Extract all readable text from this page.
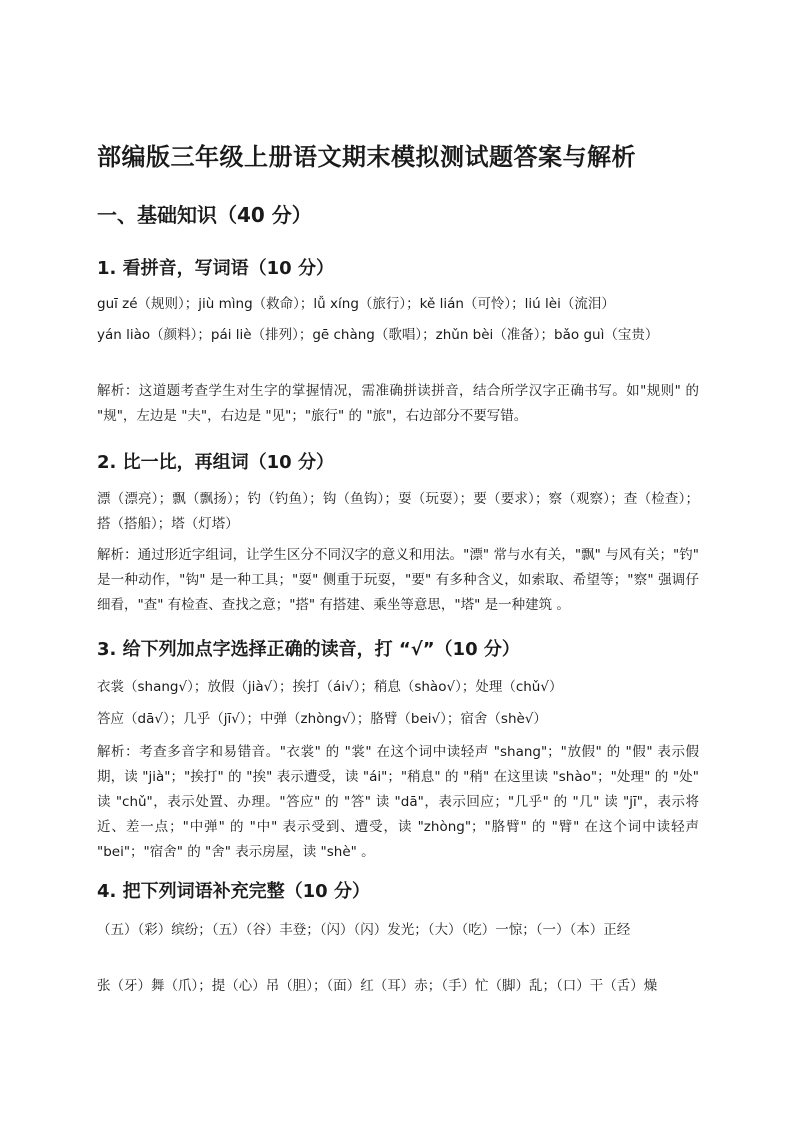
部编版三年级上册语文期末模拟测试题答案与解析
一、基础知识（40 分）
1. 看拼音，写词语（10 分）

guī zé（规则）；jiù mìng（救命）；lǚ xíng（旅行）；kě lián（可怜）；liú lèi（流泪）

yán liào（颜料）；pái liè（排列）；gē chàng（歌唱）；zhǔn bèi（准备）；bǎo guì（宝贵）

解析：这道题考查学生对生字的掌握情况，需准确拼读拼音，结合所学汉字正确书写。如"规则" 的 "规"，左边是 "夫"，右边是 "见"；"旅行" 的 "旅"，右边部分不要写错。

2. 比一比，再组词（10 分）

漂（漂亮）；飘（飘扬）；钓（钓鱼）；钩（鱼钩）；耍（玩耍）；要（要求）；察（观察）；查（检查）；搭（搭船）；塔（灯塔）

解析：通过形近字组词，让学生区分不同汉字的意义和用法。"漂" 常与水有关，"飘" 与风有关；"钓" 是一种动作，"钩" 是一种工具；"耍" 侧重于玩耍，"要" 有多种含义，如索取、希望等；"察" 强调仔细看，"查" 有检查、查找之意；"搭" 有搭建、乘坐等意思，"塔" 是一种建筑 。

3. 给下列加点字选择正确的读音，打 “√”（10 分）

衣裳（shang√）；放假（jià√）；挨打（ái√）；稍息（shào√）；处理（chǔ√）

答应（dā√）；几乎（jī√）；中弹（zhòng√）；胳臂（bei√）；宿舍（shè√）

解析：考查多音字和易错音。"衣裳" 的 "裳" 在这个词中读轻声 "shang"；"放假" 的 "假" 表示假期，读 "jià"；"挨打" 的 "挨" 表示遭受，读 "ái"；"稍息" 的 "稍" 在这里读 "shào"；"处理" 的 "处" 读 "chǔ"，表示处置、办理。"答应" 的 "答" 读 "dā"，表示回应；"几乎" 的 "几" 读 "jī"，表示将近、差一点；"中弹" 的 "中" 表示受到、遭受，读 "zhòng"；"胳臂" 的 "臂" 在这个词中读轻声 "bei"；"宿舍" 的 "舍" 表示房屋，读 "shè" 。

4. 把下列词语补充完整（10 分）

（五）（彩）缤纷；（五）（谷）丰登；（闪）（闪）发光；（大）（吃）一惊；（一）（本）正经

张（牙）舞（爪）；提（心）吊（胆）；（面）红（耳）赤；（手）忙（脚）乱；（口）干（舌）燥
